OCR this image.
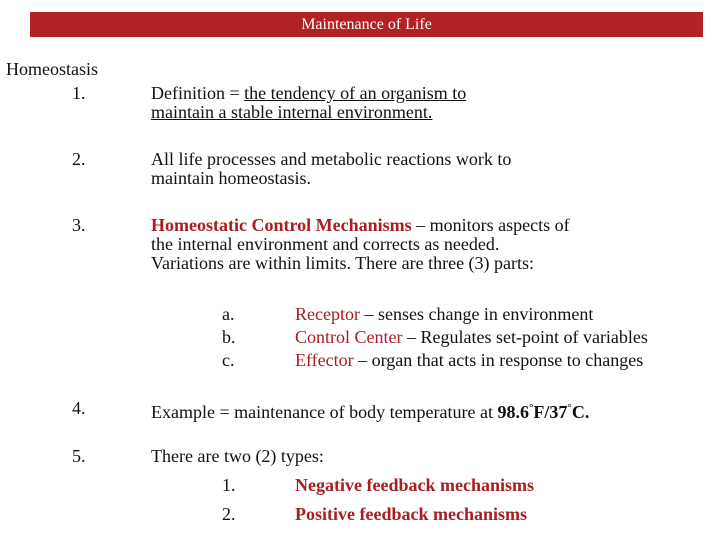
Maintenance of Life
Homeostasis
1.	Definition = the tendency of an organism to
maintain a stable internal environment.
2.	All life processes and metabolic reactions work to
maintain homeostasis.
3.	Homeostatic Control Mechanisms – monitors aspects of
the internal environment and corrects as needed.
Variations are within limits. There are three (3) parts:
a.	Receptor – senses change in environment
b.	Control Center – Regulates set-point of variables
c.	Effector – organ that acts in response to changes
4.	Example = maintenance of body temperature at 98.6°F/37°C.
5.	There are two (2) types:
1.	Negative feedback mechanisms
2.	Positive feedback mechanisms
